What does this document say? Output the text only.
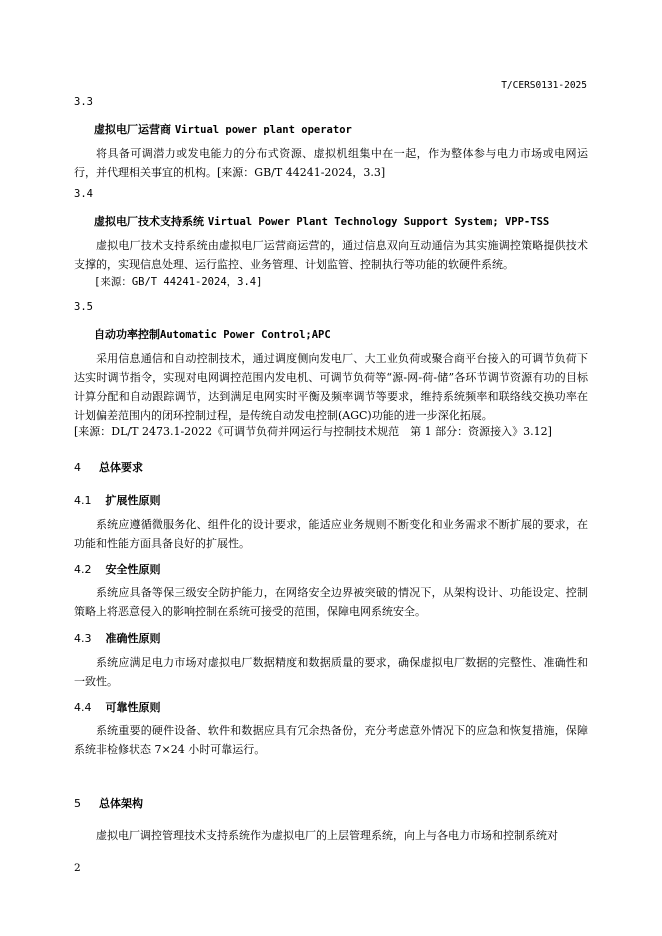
T/CERS0131-2025
3.3
虚拟电厂运营商 Virtual power plant operator
将具备可调潜力或发电能力的分布式资源、虚拟机组集中在一起，作为整体参与电力市场或电网运行，并代理相关事宜的机构。[来源：GB/T 44241-2024，3.3]
3.4
虚拟电厂技术支持系统 Virtual Power Plant Technology Support System; VPP-TSS
虚拟电厂技术支持系统由虚拟电厂运营商运营的，通过信息双向互动通信为其实施调控策略提供技术支撑的，实现信息处理、运行监控、业务管理、计划监管、控制执行等功能的软硬件系统。
[来源：GB/T 44241-2024，3.4]
3.5
自动功率控制Automatic Power Control;APC
采用信息通信和自动控制技术，通过调度侧向发电厂、大工业负荷或聚合商平台接入的可调节负荷下达实时调节指令，实现对电网调控范围内发电机、可调节负荷等“源-网-荷-储”各环节调节资源有功的目标计算分配和自动跟踪调节，达到满足电网实时平衡及频率调节等要求，维持系统频率和联络线交换功率在计划偏差范围内的闭环控制过程，是传统自动发电控制(AGC)功能的进一步深化拓展。
[来源：DL/T 2473.1-2022《可调节负荷并网运行与控制技术规范　第 1 部分：资源接入》3.12]
4 总体要求
4.1 扩展性原则
系统应遵循微服务化、组件化的设计要求，能适应业务规则不断变化和业务需求不断扩展的要求，在功能和性能方面具备良好的扩展性。
4.2 安全性原则
系统应具备等保三级安全防护能力，在网络安全边界被突破的情况下，从架构设计、功能设定、控制策略上将恶意侵入的影响控制在系统可接受的范围，保障电网系统安全。
4.3 准确性原则
系统应满足电力市场对虚拟电厂数据精度和数据质量的要求，确保虚拟电厂数据的完整性、准确性和一致性。
4.4 可靠性原则
系统重要的硬件设备、软件和数据应具有冗余热备份，充分考虑意外情况下的应急和恢复措施，保障系统非检修状态 7×24 小时可靠运行。
5 总体架构
虚拟电厂调控管理技术支持系统作为虚拟电厂的上层管理系统，向上与各电力市场和控制系统对
2
